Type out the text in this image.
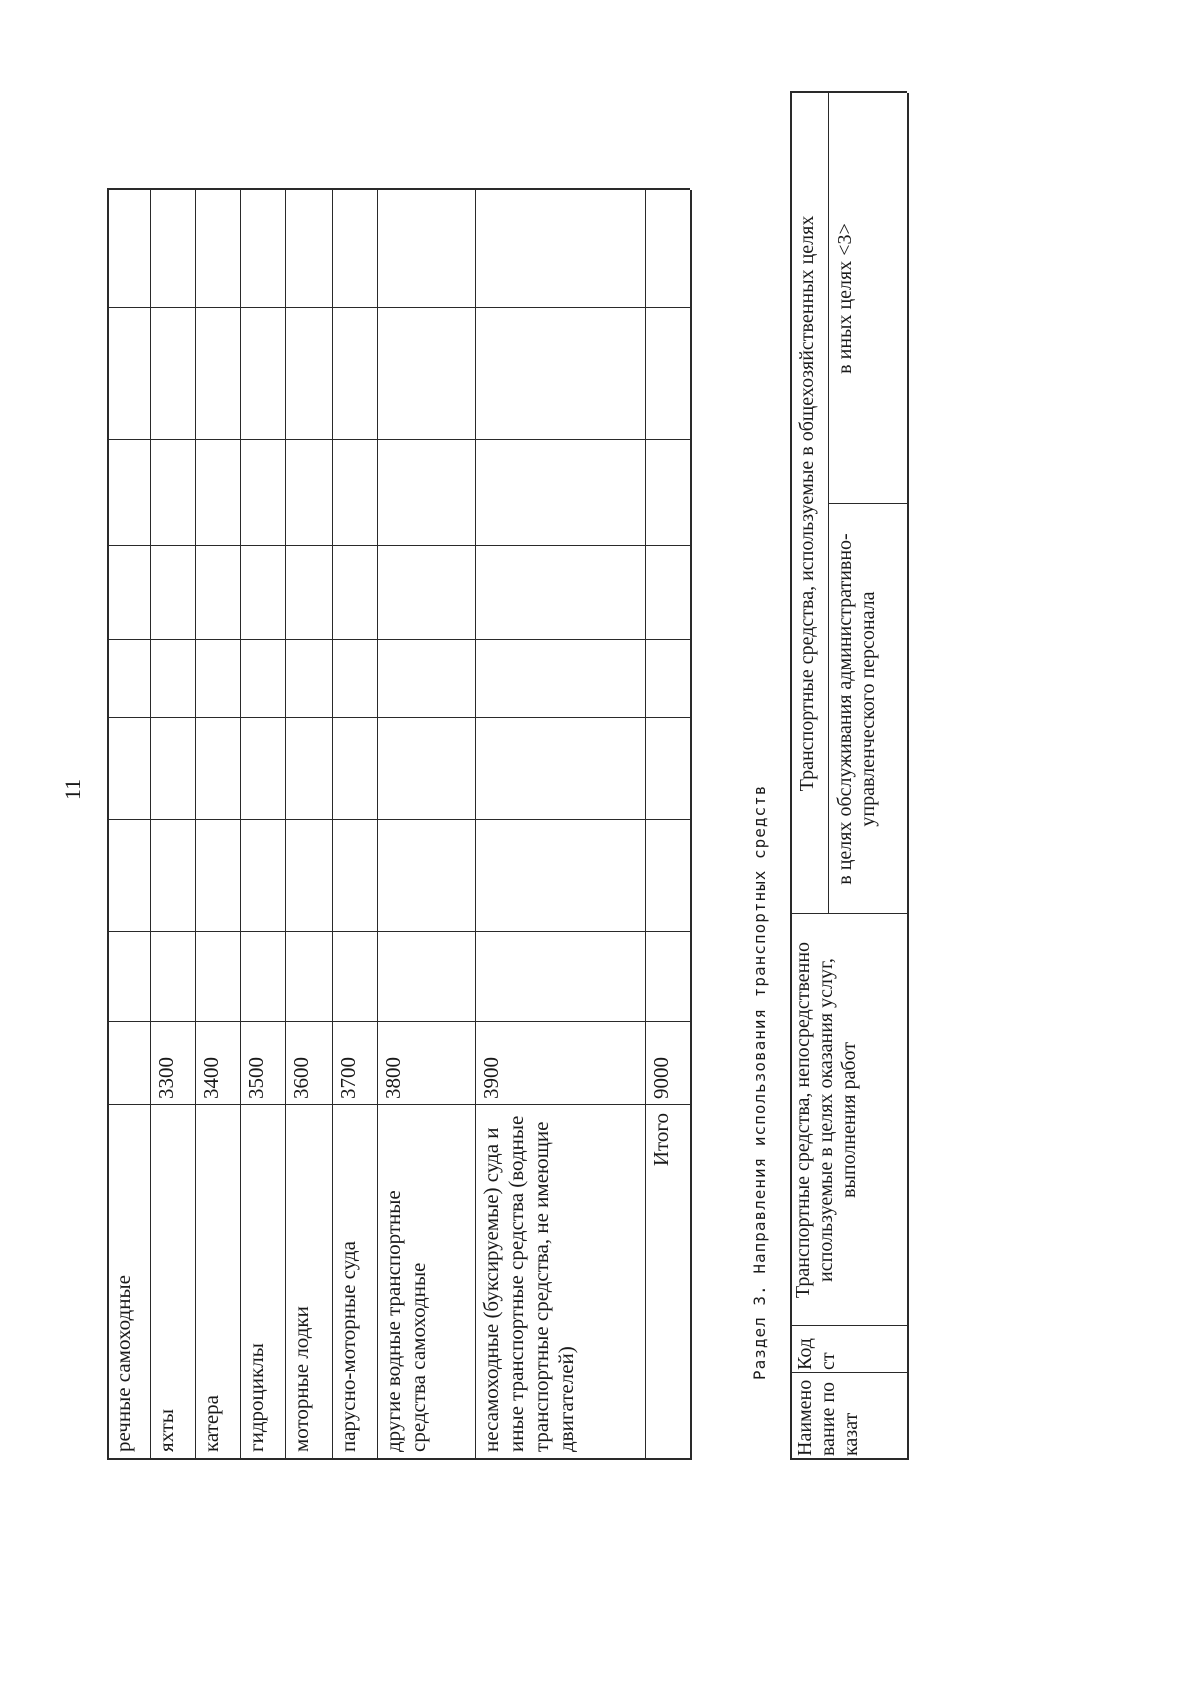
11
речные самоходные яхты
3300
катера
3400
гидроциклы
3500
моторные лодки
3600
парусно-моторные суда
3700
другие водные транспортные средства самоходные
3800
несамоходные (буксируемые) суда и иные транспортные средства (водные транспортные средства, не имеющие двигателей)
3900
Итого
9000	Раздел 3. Направления использования транспортных средств
Наименование показат
Код ст
Транспортные средства, непосредственно используемые в целях оказания услуг, выполнения работ
Транспортные средства, используемые в общехозяйственных целях в целях обслуживания административно-управленческого персонала
в иных целях <3>
